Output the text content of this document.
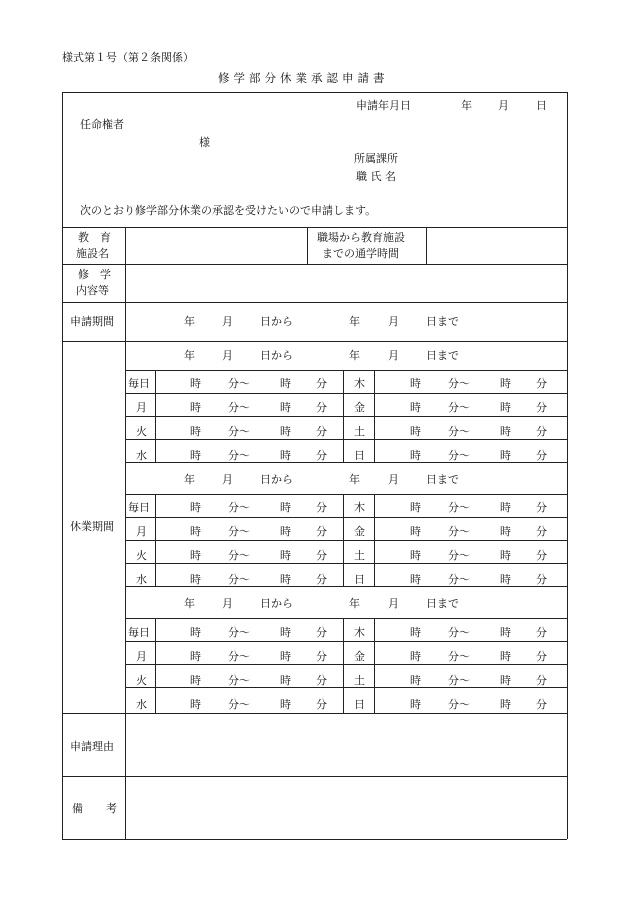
様式第１号（第２条関係）
修学部分休業承認申請書
申請年月日	年 月 日
任命権者
様
所属課所
職 氏 名
次のとおり修学部分休業の承認を受けたいので申請します。
教　育
施設名
職場から教育施設
までの通学時間
修　学
内容等
申請期間	年 月 日から	年	月 日まで
休業期間
年 月 日から	年	月 日まで
毎日	時 分～	時 分 木	時 分～	時 分
月	時 分～	時 分 金	時 分～	時 分
火	時 分～	時 分 土	時 分～	時 分
水	時 分～	時 分 日	時 分～	時 分
年 月 日から	年	月 日まで
毎日	時 分～	時 分 木	時 分～	時 分
月	時 分～	時 分 金	時 分～	時 分
火	時 分～	時 分 土	時 分～	時 分
水	時 分～	時 分 日	時 分～	時 分
年 月 日から	年	月 日まで
毎日	時 分～	時 分 木	時 分～	時 分
月	時 分～	時 分 金	時 分～	時 分
火	時 分～	時 分 土	時 分～	時 分
水	時 分～	時 分 日	時 分～	時 分
申請理由
備 考
